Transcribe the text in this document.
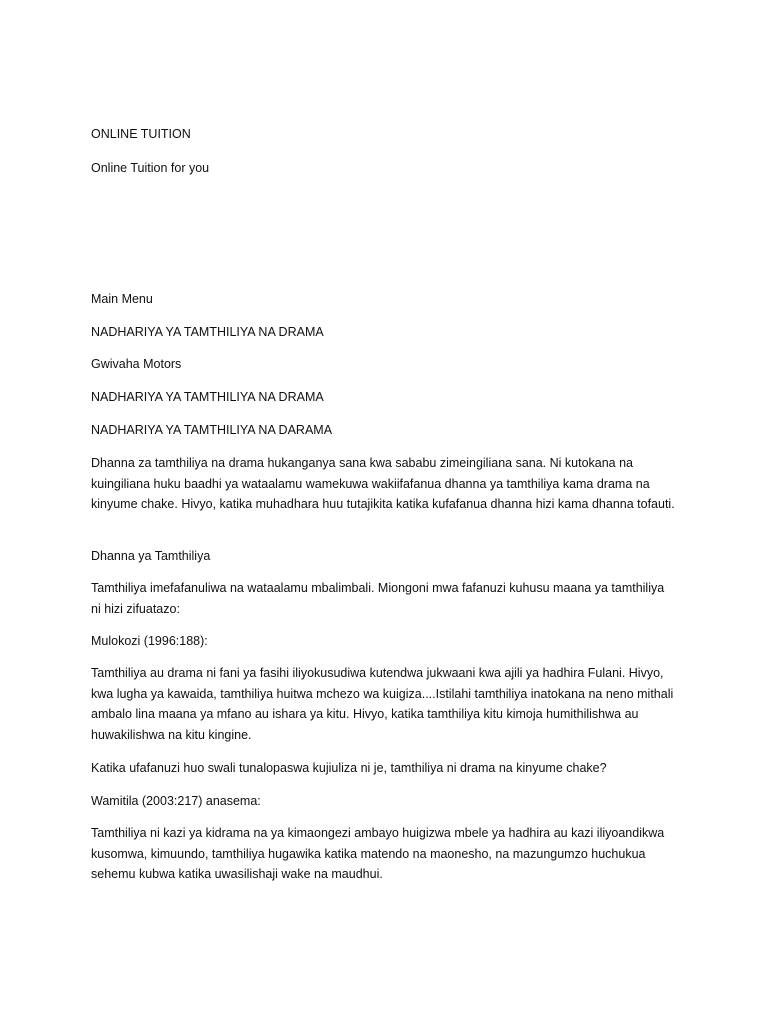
ONLINE TUITION

Online Tuition for you

Main Menu

NADHARIYA YA TAMTHILIYA NA DRAMA

Gwivaha Motors

NADHARIYA YA TAMTHILIYA NA DRAMA

NADHARIYA YA TAMTHILIYA NA DARAMA

Dhanna za tamthiliya na drama hukanganya sana kwa sababu zimeingiliana sana. Ni kutokana na kuingiliana huku baadhi ya wataalamu wamekuwa wakiifafanua dhanna ya tamthiliya kama drama na kinyume chake. Hivyo, katika muhadhara huu tutajikita katika kufafanua dhanna hizi kama dhanna tofauti.

Dhanna ya Tamthiliya

Tamthiliya imefafanuliwa na wataalamu mbalimbali. Miongoni mwa fafanuzi kuhusu maana ya tamthiliya ni hizi zifuatazo:

Mulokozi (1996:188):

Tamthiliya au drama ni fani ya fasihi iliyokusudiwa kutendwa jukwaani kwa ajili ya hadhira Fulani. Hivyo, kwa lugha ya kawaida, tamthiliya huitwa mchezo wa kuigiza....Istilahi tamthiliya inatokana na neno mithali ambalo lina maana ya mfano au ishara ya kitu. Hivyo, katika tamthiliya kitu kimoja humithilishwa au huwakilishwa na kitu kingine.

Katika ufafanuzi huo swali tunalopaswa kujiuliza ni je, tamthiliya ni drama na kinyume chake?

Wamitila (2003:217) anasema:

Tamthiliya ni kazi ya kidrama na ya kimaongezi ambayo huigizwa mbele ya hadhira au kazi iliyoandikwa kusomwa, kimuundo, tamthiliya hugawika katika matendo na maonesho, na mazungumzo huchukua sehemu kubwa katika uwasilishaji wake na maudhui.
